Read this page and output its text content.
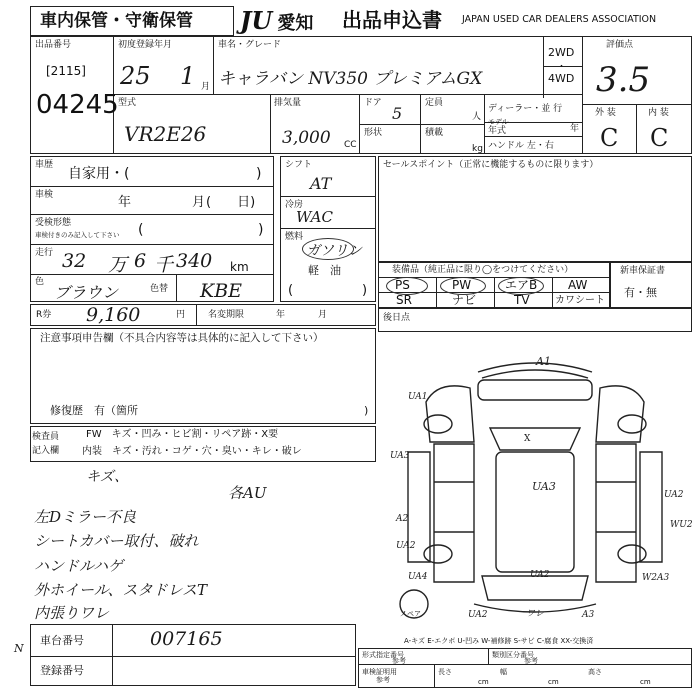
車内保管・守衛保管 JU 愛知 出品申込書 JAPAN USED CAR DEALERS ASSOCIATION
出品番号
[2115]
04245
初度登録年月
25 1 月
車名・グレード
キャラバン NV350 プレミアムGX
2WD
・
4WD
評価点
3.5
外 装	内 装
C C
型式
VR2E26
排気量
3,000 CC
ドア
5
定員
人
形状	積載
kg
ディーラー・並 行
モデル
年式	年
ハンドル 左・右
車歴
自家用・(	)
車検	年	月 (　　日)
受検形態
車検付きのみ記入して下さい (	)
走行 32 万 6 千 340 km
色
ブラウン	色替 KBE
シフト
AT
冷房
WAC
燃料
ガソリン
軽　油
(	)
セールスポイント（正常に機能するものに限ります）
装備品（純正品に限り◯をつけてください）
PS	PW	エアB	AW
SR	ナビ	TV	カワシート
新車保証書
有・無
R券 9,160	円	名変期限	年	月	後日点
注意事項申告欄（不具合内容等は具体的に記入して下さい）
修復歴　有（箇所	)
検査員
記入欄
FW　キズ・凹み・ヒビ割・リペア跡・X要
内装　キズ・汚れ・コゲ・穴・臭い・キレ・破レ
キズ、
各AU
左Dミラー不良
シートカバー取付、破れ
ハンドルハゲ
外ホイール、スタドレスT
内張りワレ
車台番号	007165
登録番号
N
A-キズ E-エクボ U-凹み W-補修跡 S-サビ C-腐食 XX-交換済
形式指定番号
参考
類別区分番号
参考
車検証明用
参考
長さ
cm
幅
cm
高さ
cm
A1
UA1
UA3
X
UA3
UA2
WU2
A2
UA2
UA4	W2A3
UA2
UA2	ワレ	A3
スペア
